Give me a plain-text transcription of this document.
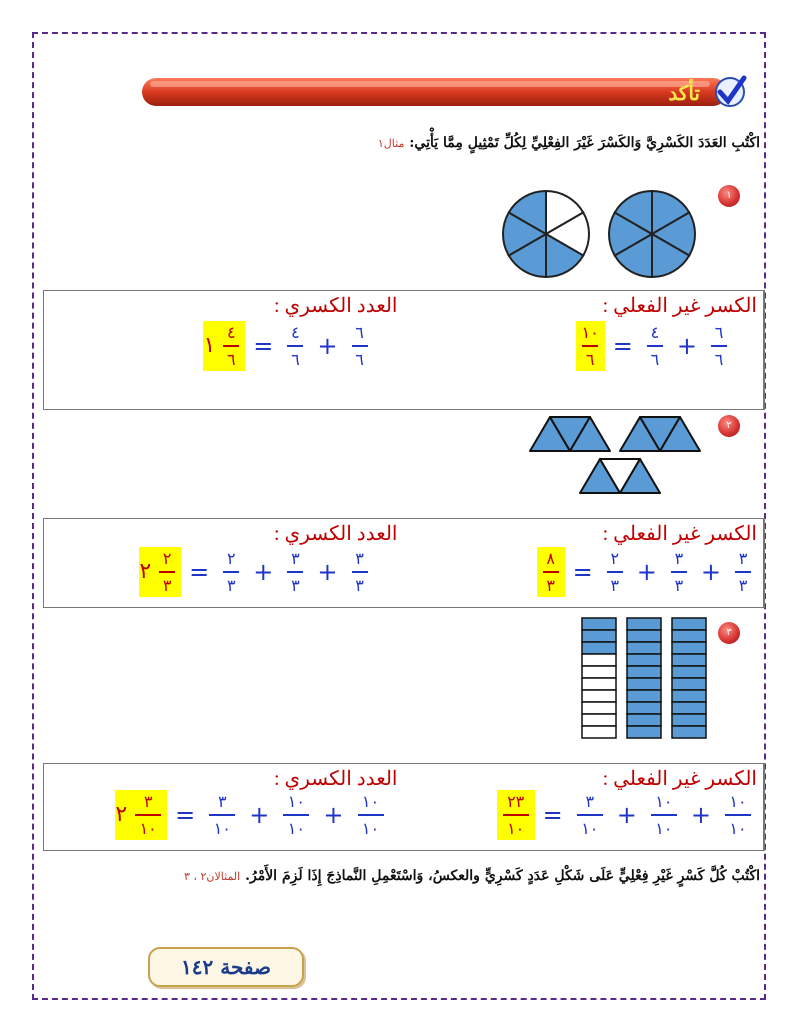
تأكد
اكْتُبِ العَدَدَ الكَسْرِيَّ وَالكَسْرَ غَيْرَ الفِعْلِيِّ لِكُلِّ تَمْثِيلٍ مِمَّا يَأْتِي: مثال١
١
العدد الكسري :
١ $\frac{٤}{٦} = \frac{٤}{٦} + \frac{٦}{٦}$
الكسر غير الفعلي :
$\frac{١٠}{٦} = \frac{٤}{٦} + \frac{٦}{٦}$
٢
العدد الكسري :
٢ $\frac{٢}{٣} = \frac{٢}{٣} + \frac{٣}{٣} + \frac{٣}{٣}$
الكسر غير الفعلي :
$\frac{٨}{٣} = \frac{٢}{٣} + \frac{٣}{٣} + \frac{٣}{٣}$
٣
العدد الكسري :
٢ $\frac{٣}{١٠} = \frac{٣}{١٠} + \frac{١٠}{١٠} + \frac{١٠}{١٠}$
الكسر غير الفعلي :
$\frac{٢٣}{١٠} = \frac{٣}{١٠} + \frac{١٠}{١٠} + \frac{١٠}{١٠}$
اكْتُبْ كُلَّ كَسْرٍ غَيْرِ فِعْلِيٍّ عَلَى شَكْلِ عَدَدٍ كَسْرِيٍّ والعكسُ، وَاسْتَعْمِلِ النَّماذِجَ إِذَا لَزِمَ الأَمْرُ. المثالان٢ ، ٣
صفحة ١٤٢
